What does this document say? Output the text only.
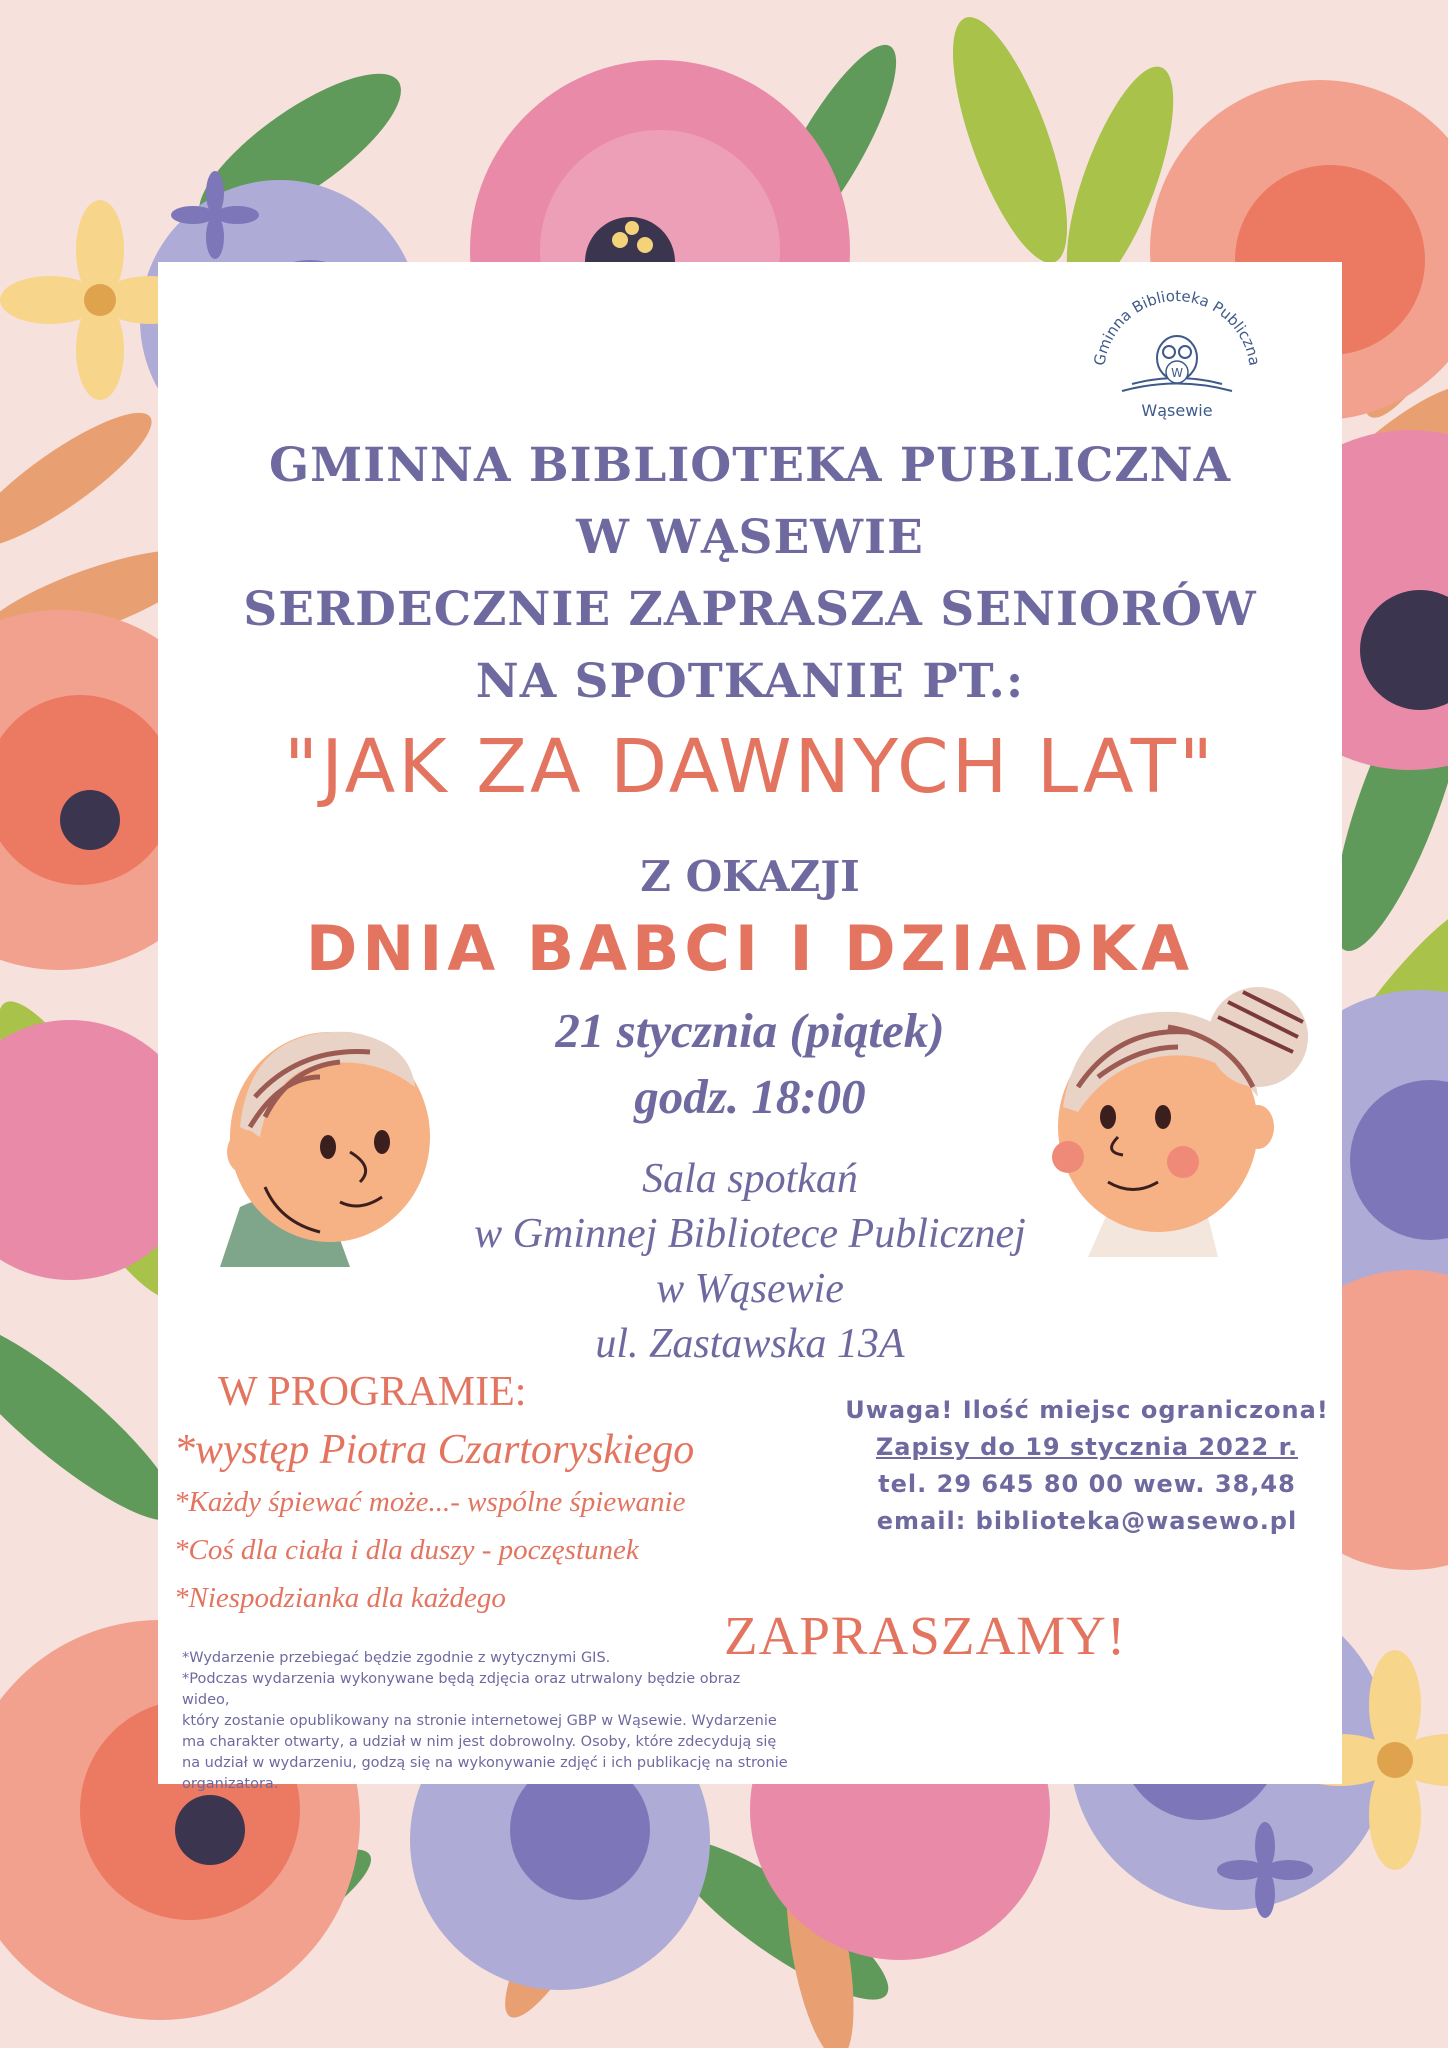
Gminna Biblioteka Publiczna
W
Wąsewie
GMINNA BIBLIOTEKA PUBLICZNA
W WĄSEWIE
SERDECZNIE ZAPRASZA SENIORÓW
NA SPOTKANIE PT.:
"JAK ZA DAWNYCH LAT"
Z OKAZJI
DNIA BABCI I DZIADKA
21 stycznia (piątek)
godz. 18:00
Sala spotkań
w Gminnej Bibliotece Publicznej
w Wąsewie
ul. Zastawska 13A
W PROGRAMIE:
*występ Piotra Czartoryskiego
*Każdy śpiewać może...- wspólne śpiewanie
*Coś dla ciała i dla duszy - poczęstunek
*Niespodzianka dla każdego
Uwaga! Ilość miejsc ograniczona!
Zapisy do 19 stycznia 2022 r.
tel. 29 645 80 00 wew. 38,48
email: biblioteka@wasewo.pl
ZAPRASZAMY!
*Wydarzenie przebiegać będzie zgodnie z wytycznymi GIS.
*Podczas wydarzenia wykonywane będą zdjęcia oraz utrwalony będzie obraz wideo,
który zostanie opublikowany na stronie internetowej GBP w Wąsewie. Wydarzenie
ma charakter otwarty, a udział w nim jest dobrowolny. Osoby, które zdecydują się
na udział w wydarzeniu, godzą się na wykonywanie zdjęć i ich publikację na stronie
organizatora.
